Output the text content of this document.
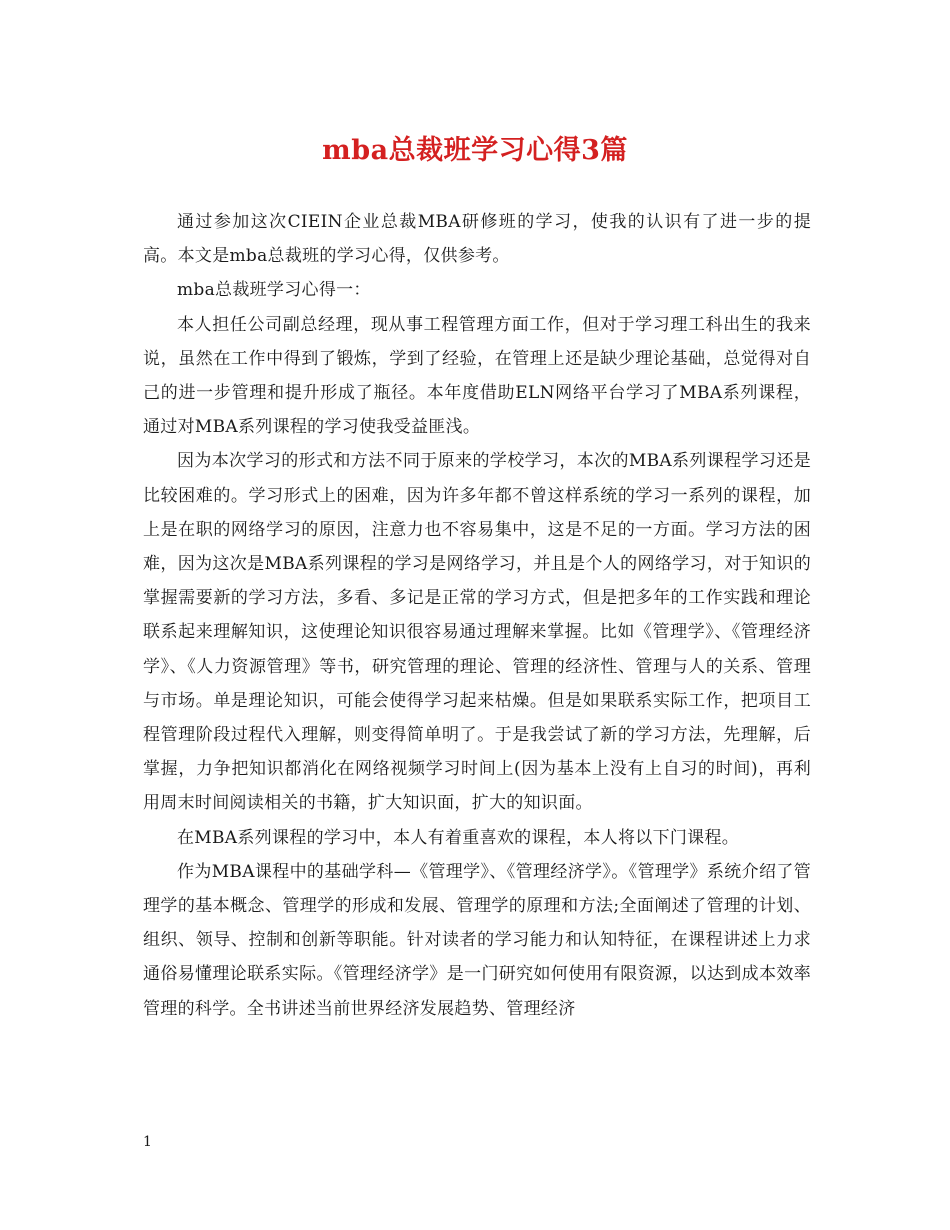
mba总裁班学习心得3篇

通过参加这次CIEIN企业总裁MBA研修班的学习，使我的认识有了进一步的提高。本文是mba总裁班的学习心得，仅供参考。

mba总裁班学习心得一：

本人担任公司副总经理，现从事工程管理方面工作，但对于学习理工科出生的我来说，虽然在工作中得到了锻炼，学到了经验，在管理上还是缺少理论基础，总觉得对自己的进一步管理和提升形成了瓶径。本年度借助ELN网络平台学习了MBA系列课程，通过对MBA系列课程的学习使我受益匪浅。

因为本次学习的形式和方法不同于原来的学校学习，本次的MBA系列课程学习还是比较困难的。学习形式上的困难，因为许多年都不曾这样系统的学习一系列的课程，加上是在职的网络学习的原因，注意力也不容易集中，这是不足的一方面。学习方法的困难，因为这次是MBA系列课程的学习是网络学习，并且是个人的网络学习，对于知识的掌握需要新的学习方法，多看、多记是正常的学习方式，但是把多年的工作实践和理论联系起来理解知识，这使理论知识很容易通过理解来掌握。比如《管理学》、《管理经济学》、《人力资源管理》等书，研究管理的理论、管理的经济性、管理与人的关系、管理与市场。单是理论知识，可能会使得学习起来枯燥。但是如果联系实际工作，把项目工程管理阶段过程代入理解，则变得简单明了。于是我尝试了新的学习方法，先理解，后掌握，力争把知识都消化在网络视频学习时间上(因为基本上没有上自习的时间)，再利用周末时间阅读相关的书籍，扩大知识面，扩大的知识面。

在MBA系列课程的学习中，本人有着重喜欢的课程，本人将以下门课程。

作为MBA课程中的基础学科—《管理学》、《管理经济学》。《管理学》系统介绍了管理学的基本概念、管理学的形成和发展、管理学的原理和方法;全面阐述了管理的计划、组织、领导、控制和创新等职能。针对读者的学习能力和认知特征，在课程讲述上力求通俗易懂理论联系实际。《管理经济学》是一门研究如何使用有限资源，以达到成本效率管理的科学。全书讲述当前世界经济发展趋势、管理经济

1
